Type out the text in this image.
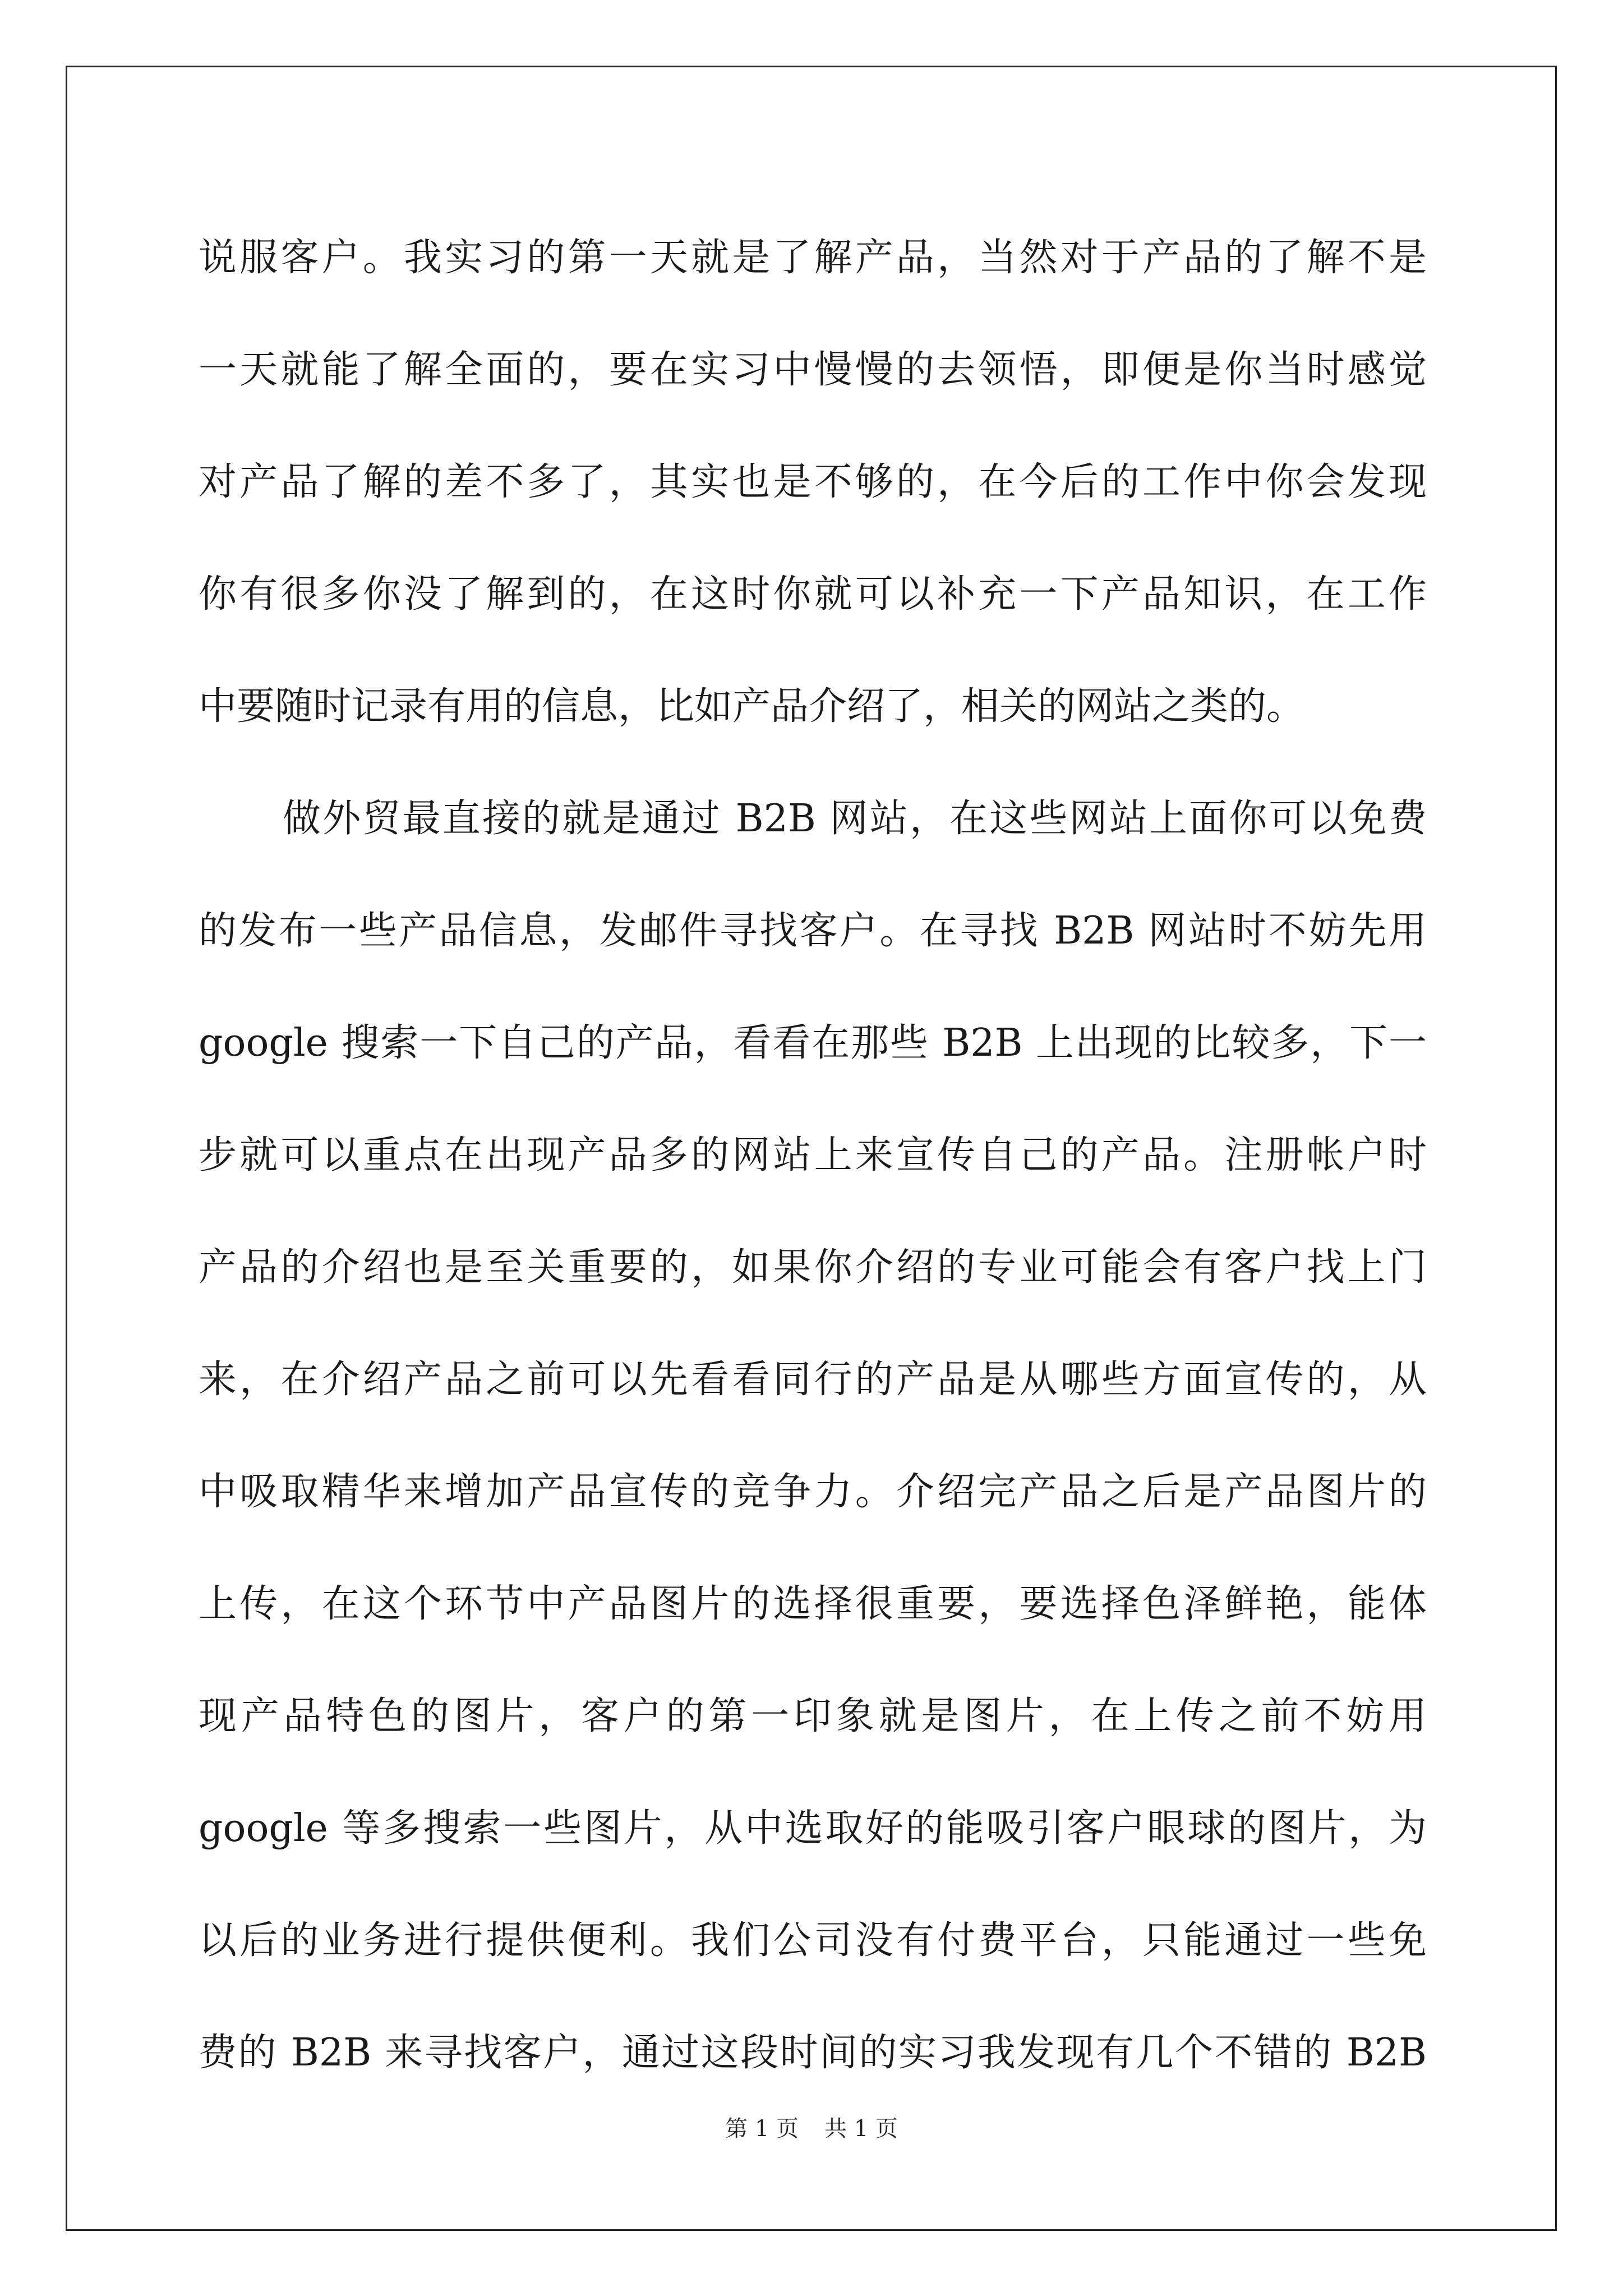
说服客户。我实习的第一天就是了解产品，当然对于产品的了解不是
一天就能了解全面的，要在实习中慢慢的去领悟，即便是你当时感觉
对产品了解的差不多了，其实也是不够的，在今后的工作中你会发现
你有很多你没了解到的，在这时你就可以补充一下产品知识，在工作
中要随时记录有用的信息，比如产品介绍了，相关的网站之类的。
做外贸最直接的就是通过 B2B 网站，在这些网站上面你可以免费
的发布一些产品信息，发邮件寻找客户。在寻找 B2B 网站时不妨先用
google 搜索一下自己的产品，看看在那些 B2B 上出现的比较多，下一
步就可以重点在出现产品多的网站上来宣传自己的产品。注册帐户时
产品的介绍也是至关重要的，如果你介绍的专业可能会有客户找上门
来，在介绍产品之前可以先看看同行的产品是从哪些方面宣传的，从
中吸取精华来增加产品宣传的竞争力。介绍完产品之后是产品图片的
上传，在这个环节中产品图片的选择很重要，要选择色泽鲜艳，能体
现产品特色的图片，客户的第一印象就是图片，在上传之前不妨用
google 等多搜索一些图片，从中选取好的能吸引客户眼球的图片，为
以后的业务进行提供便利。我们公司没有付费平台，只能通过一些免
费的 B2B 来寻找客户，通过这段时间的实习我发现有几个不错的 B2B
第 1 页 共 1 页
